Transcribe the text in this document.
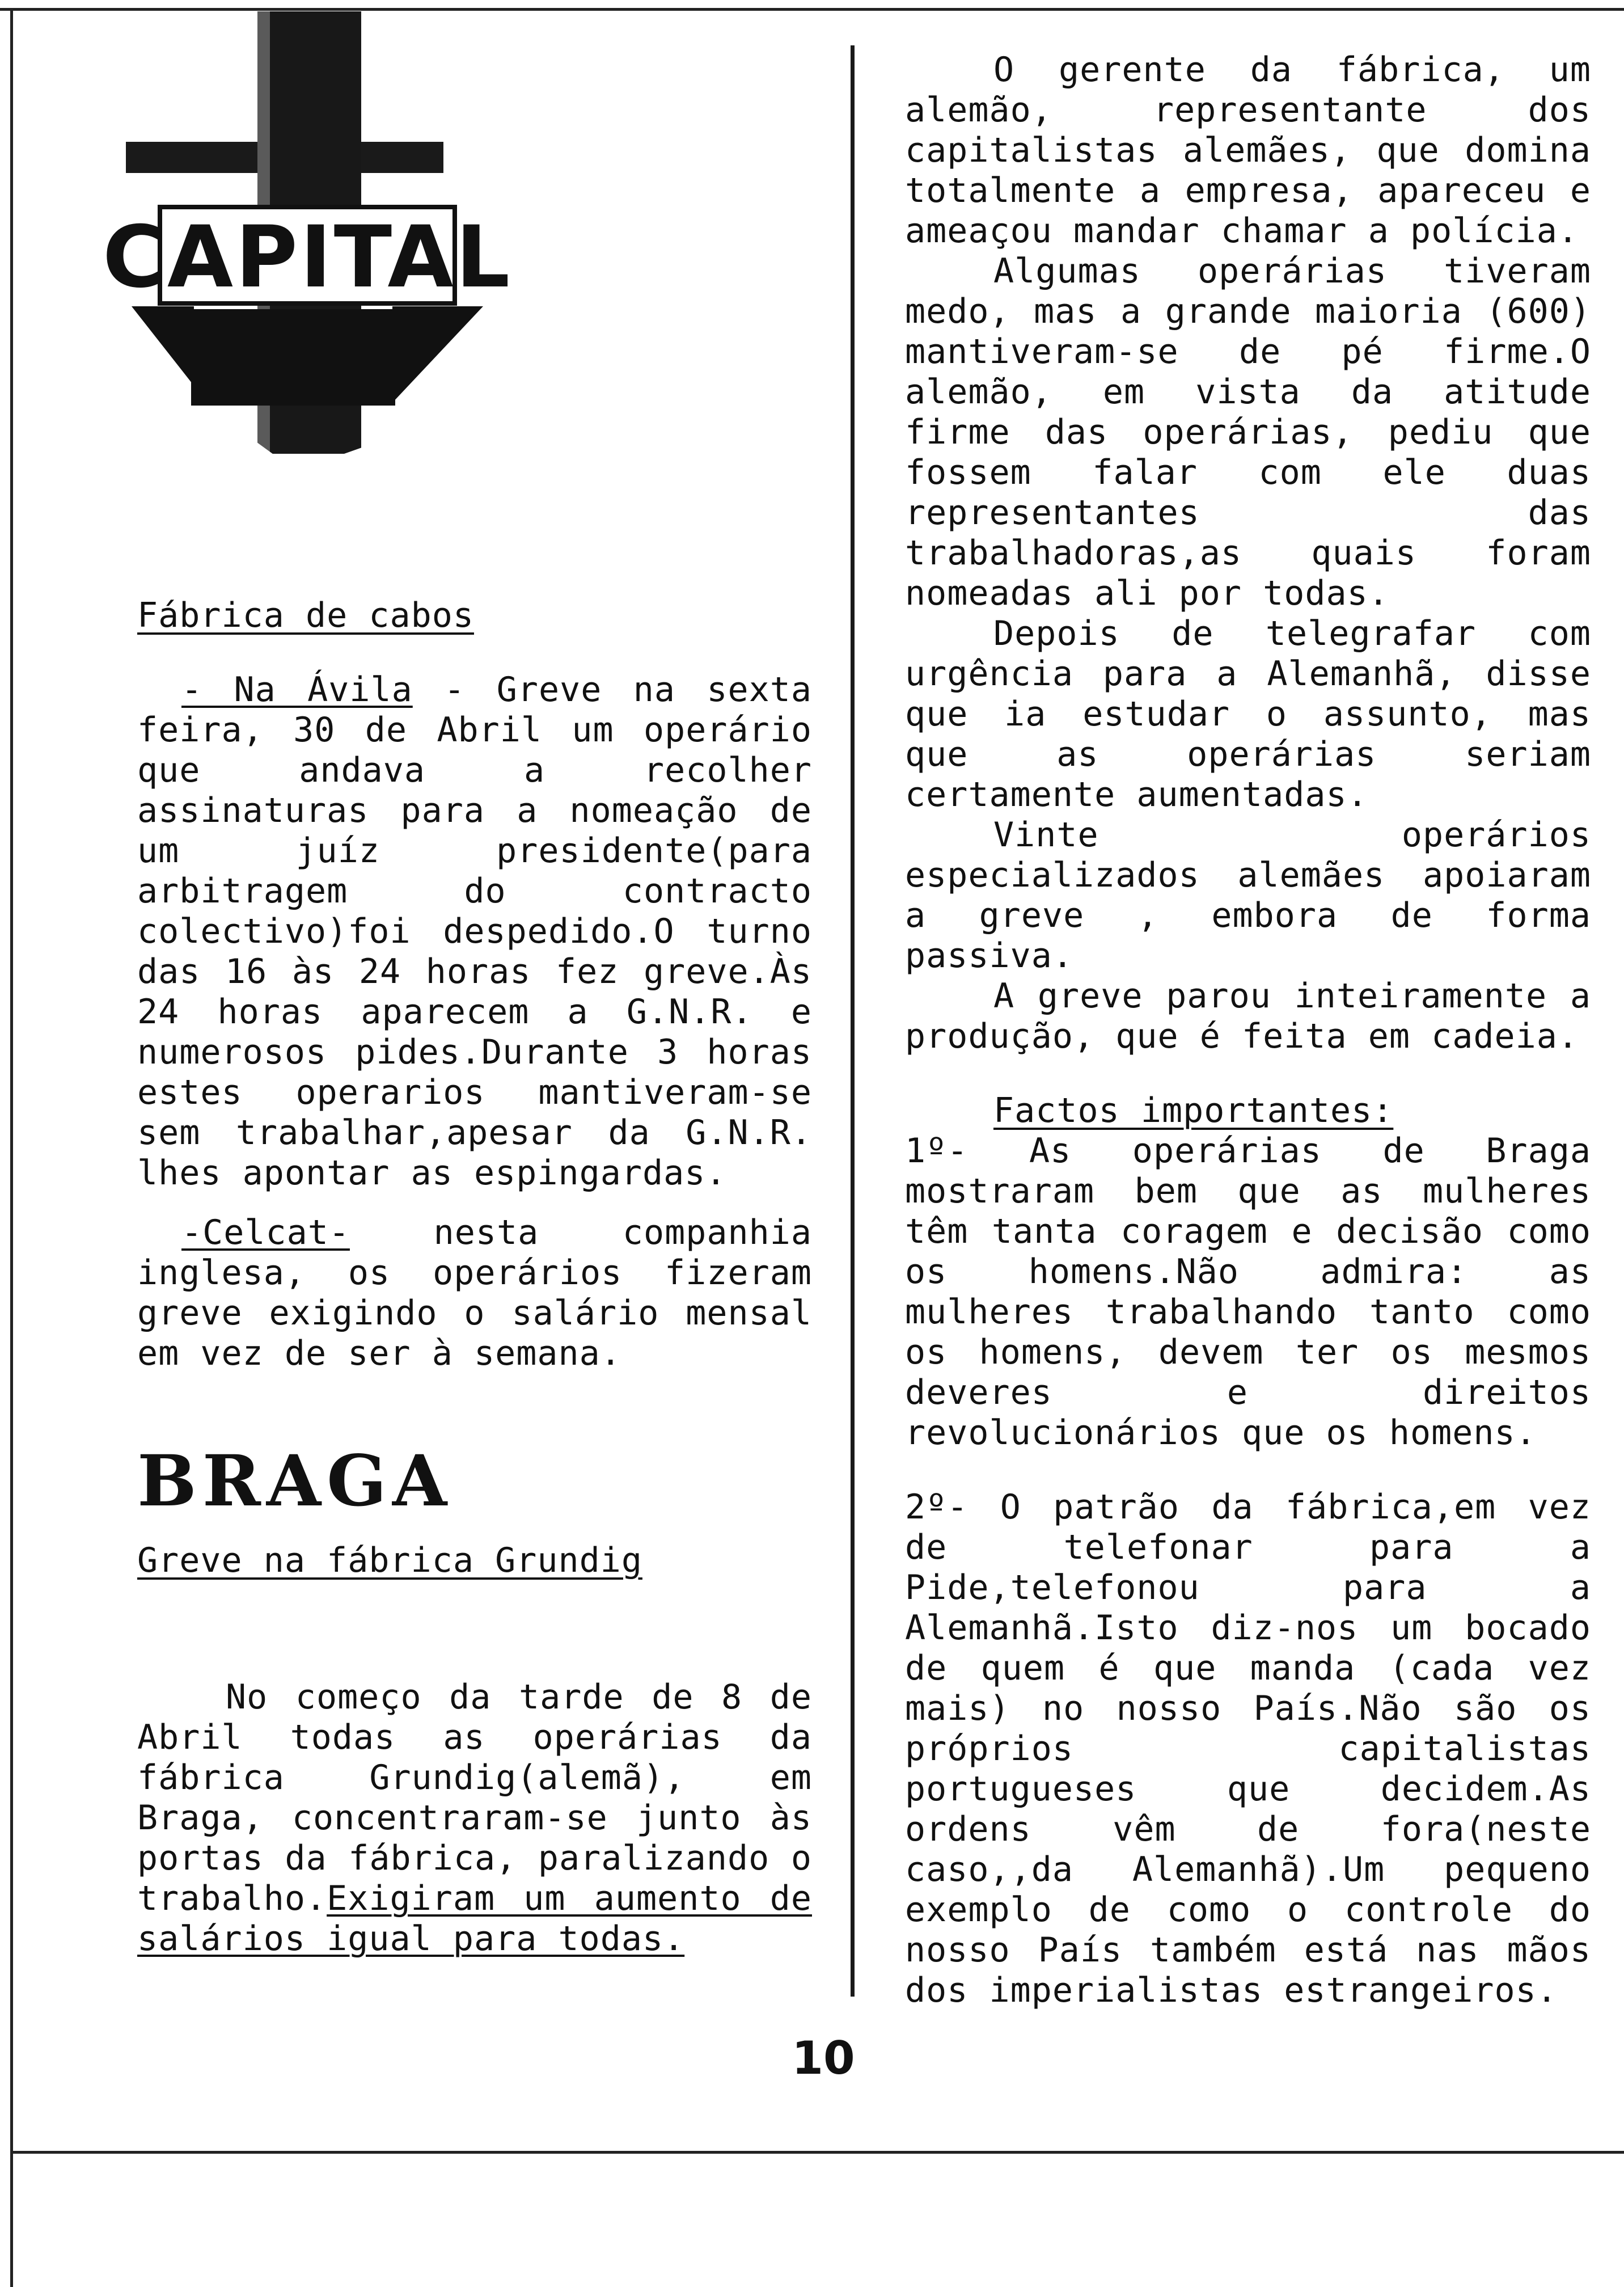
CAPITAL

Fábrica de cabos

- Na Ávila - Greve na sexta feira, 30 de Abril um operário que andava a recolher assinaturas para a nomeação de um juíz presidente(para arbitragem do contracto colectivo)foi despedido.O turno das 16 às 24 horas fez greve.Às 24 horas aparecem a G.N.R. e numerosos pides.Durante 3 horas estes operarios mantiveram-se sem trabalhar,apesar da G.N.R. lhes apontar as espingardas.

-Celcat- nesta companhia inglesa, os operários fizeram greve exigindo o salário mensal em vez de ser à semana.

BRAGA

Greve na fábrica Grundig

No começo da tarde de 8 de Abril todas as operárias da fábrica Grundig(alemã), em Braga, concentraram-se junto às portas da fábrica, paralizando o trabalho.Exigiram um aumento de salários igual para todas.

O gerente da fábrica, um alemão, representante dos capitalistas alemães, que domina totalmente a empresa, apareceu e ameaçou mandar chamar a polícia.

Algumas operárias tiveram medo, mas a grande maioria (600) mantiveram-se de pé firme.O alemão, em vista da atitude firme das operárias, pediu que fossem falar com ele duas representantes das trabalhadoras,as quais foram nomeadas ali por todas.

Depois de telegrafar com urgência para a Alemanhã, disse que ia estudar o assunto, mas que as operárias seriam certamente aumentadas.

Vinte operários especializados alemães apoiaram a greve , embora de forma passiva.

A greve parou inteiramente a produção, que é feita em cadeia.

Factos importantes:

1º- As operárias de Braga mostraram bem que as mulheres têm tanta coragem e decisão como os homens.Não admira: as mulheres trabalhando tanto como os homens, devem ter os mesmos deveres e direitos revolucionários que os homens.

2º- O patrão da fábrica,em vez de telefonar para a Pide,telefonou para a Alemanhã.Isto diz-nos um bocado de quem é que manda (cada vez mais) no nosso País.Não são os próprios capitalistas portugueses que decidem.As ordens vêm de fora(neste caso,,da Alemanhã).Um pequeno exemplo de como o controle do nosso País também está nas mãos dos imperialistas estrangeiros.

10
